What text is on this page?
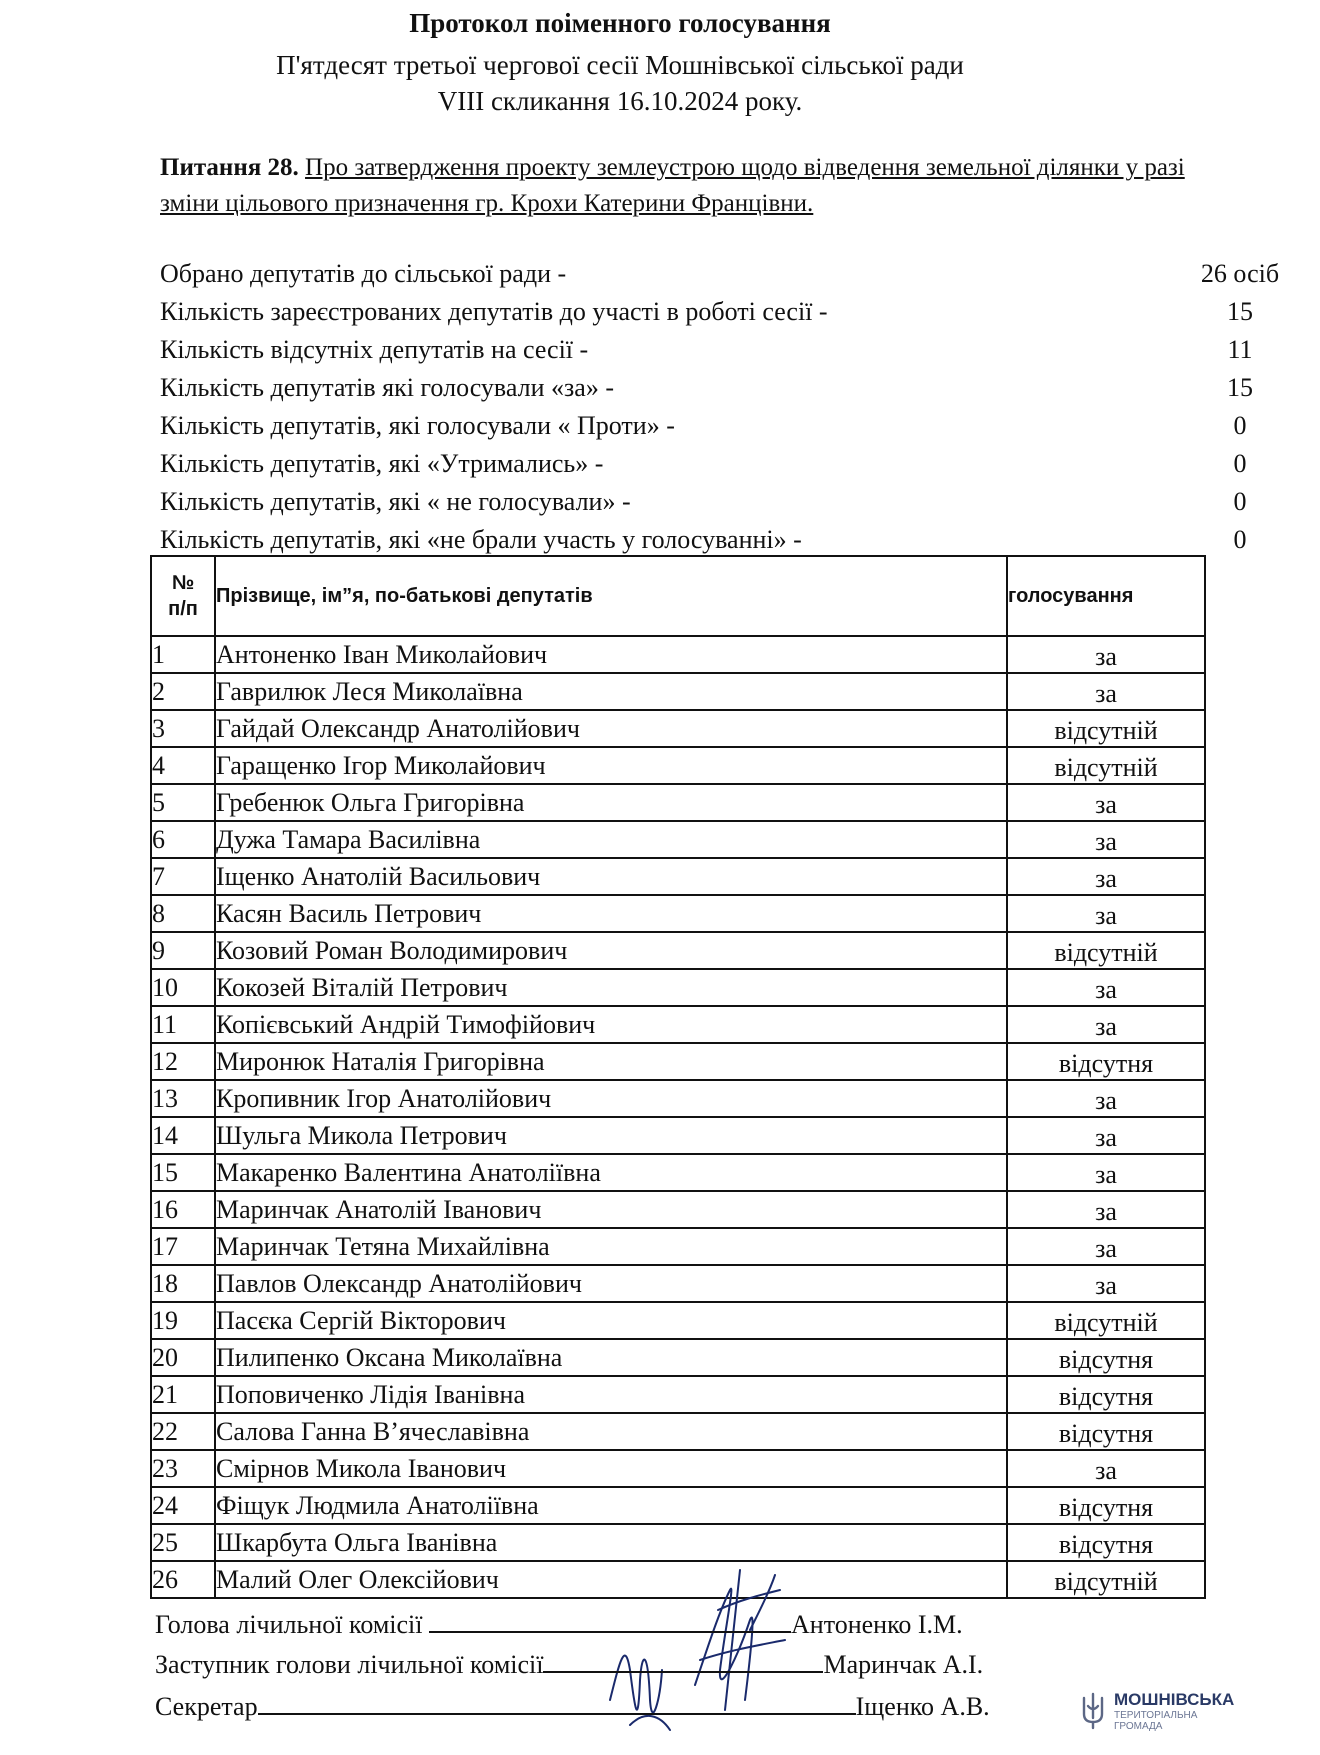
Протокол поіменного голосування
П'ятдесят третьої чергової сесії Мошнівської сільської ради
VIII скликання 16.10.2024 року.
Питання 28. Про затвердження проекту землеустрою щодо відведення земельної ділянки у разі зміни цільового призначення гр. Крохи Катерини Францівни.
Обрано депутатів до сільської ради -	26 осіб
Кількість зареєстрованих депутатів до участі в роботі сесії -	15
Кількість відсутніх депутатів на сесії -	11
Кількість депутатів які голосували «за» -	15
Кількість депутатів, які голосували « Проти» -	0
Кількість депутатів, які «Утримались» -	0
Кількість депутатів, які « не голосували» -	0
Кількість депутатів, які «не брали участь у голосуванні» -	0
№
п/п	Прізвище, ім”я, по-батькові депутатів	голосування
1	Антоненко Іван Миколайович	за
2	Гаврилюк Леся Миколаївна	за
3	Гайдай Олександр Анатолійович	відсутній
4	Гаращенко Ігор Миколайович	відсутній
5	Гребенюк Ольга Григорівна	за
6	Дужа Тамара Василівна	за
7	Іщенко Анатолій Васильович	за
8	Касян Василь Петрович	за
9	Козовий Роман Володимирович	відсутній
10	Кокозей Віталій Петрович	за
11	Копієвський Андрій Тимофійович	за
12	Миронюк Наталія Григорівна	відсутня
13	Кропивник Ігор Анатолійович	за
14	Шульга Микола Петрович	за
15	Макаренко Валентина Анатоліївна	за
16	Маринчак Анатолій Іванович	за
17	Маринчак Тетяна Михайлівна	за
18	Павлов Олександр Анатолійович	за
19	Пасєка Сергій Вікторович	відсутній
20	Пилипенко Оксана Миколаївна	відсутня
21	Поповиченко Лідія Іванівна	відсутня
22	Салова Ганна В’ячеславівна	відсутня
23	Смірнов Микола Іванович	за
24	Фіщук Людмила Анатоліївна	відсутня
25	Шкарбута Ольга Іванівна	відсутня
26	Малий Олег Олексійович	відсутній
Голова лічильної комісії	Антоненко І.М.
Заступник голови лічильної комісії	Маринчак А.І.
Секретар	Іщенко А.В.	МОШНІВСЬКА
ТЕРИТОРІАЛЬНА
ГРОМАДА
